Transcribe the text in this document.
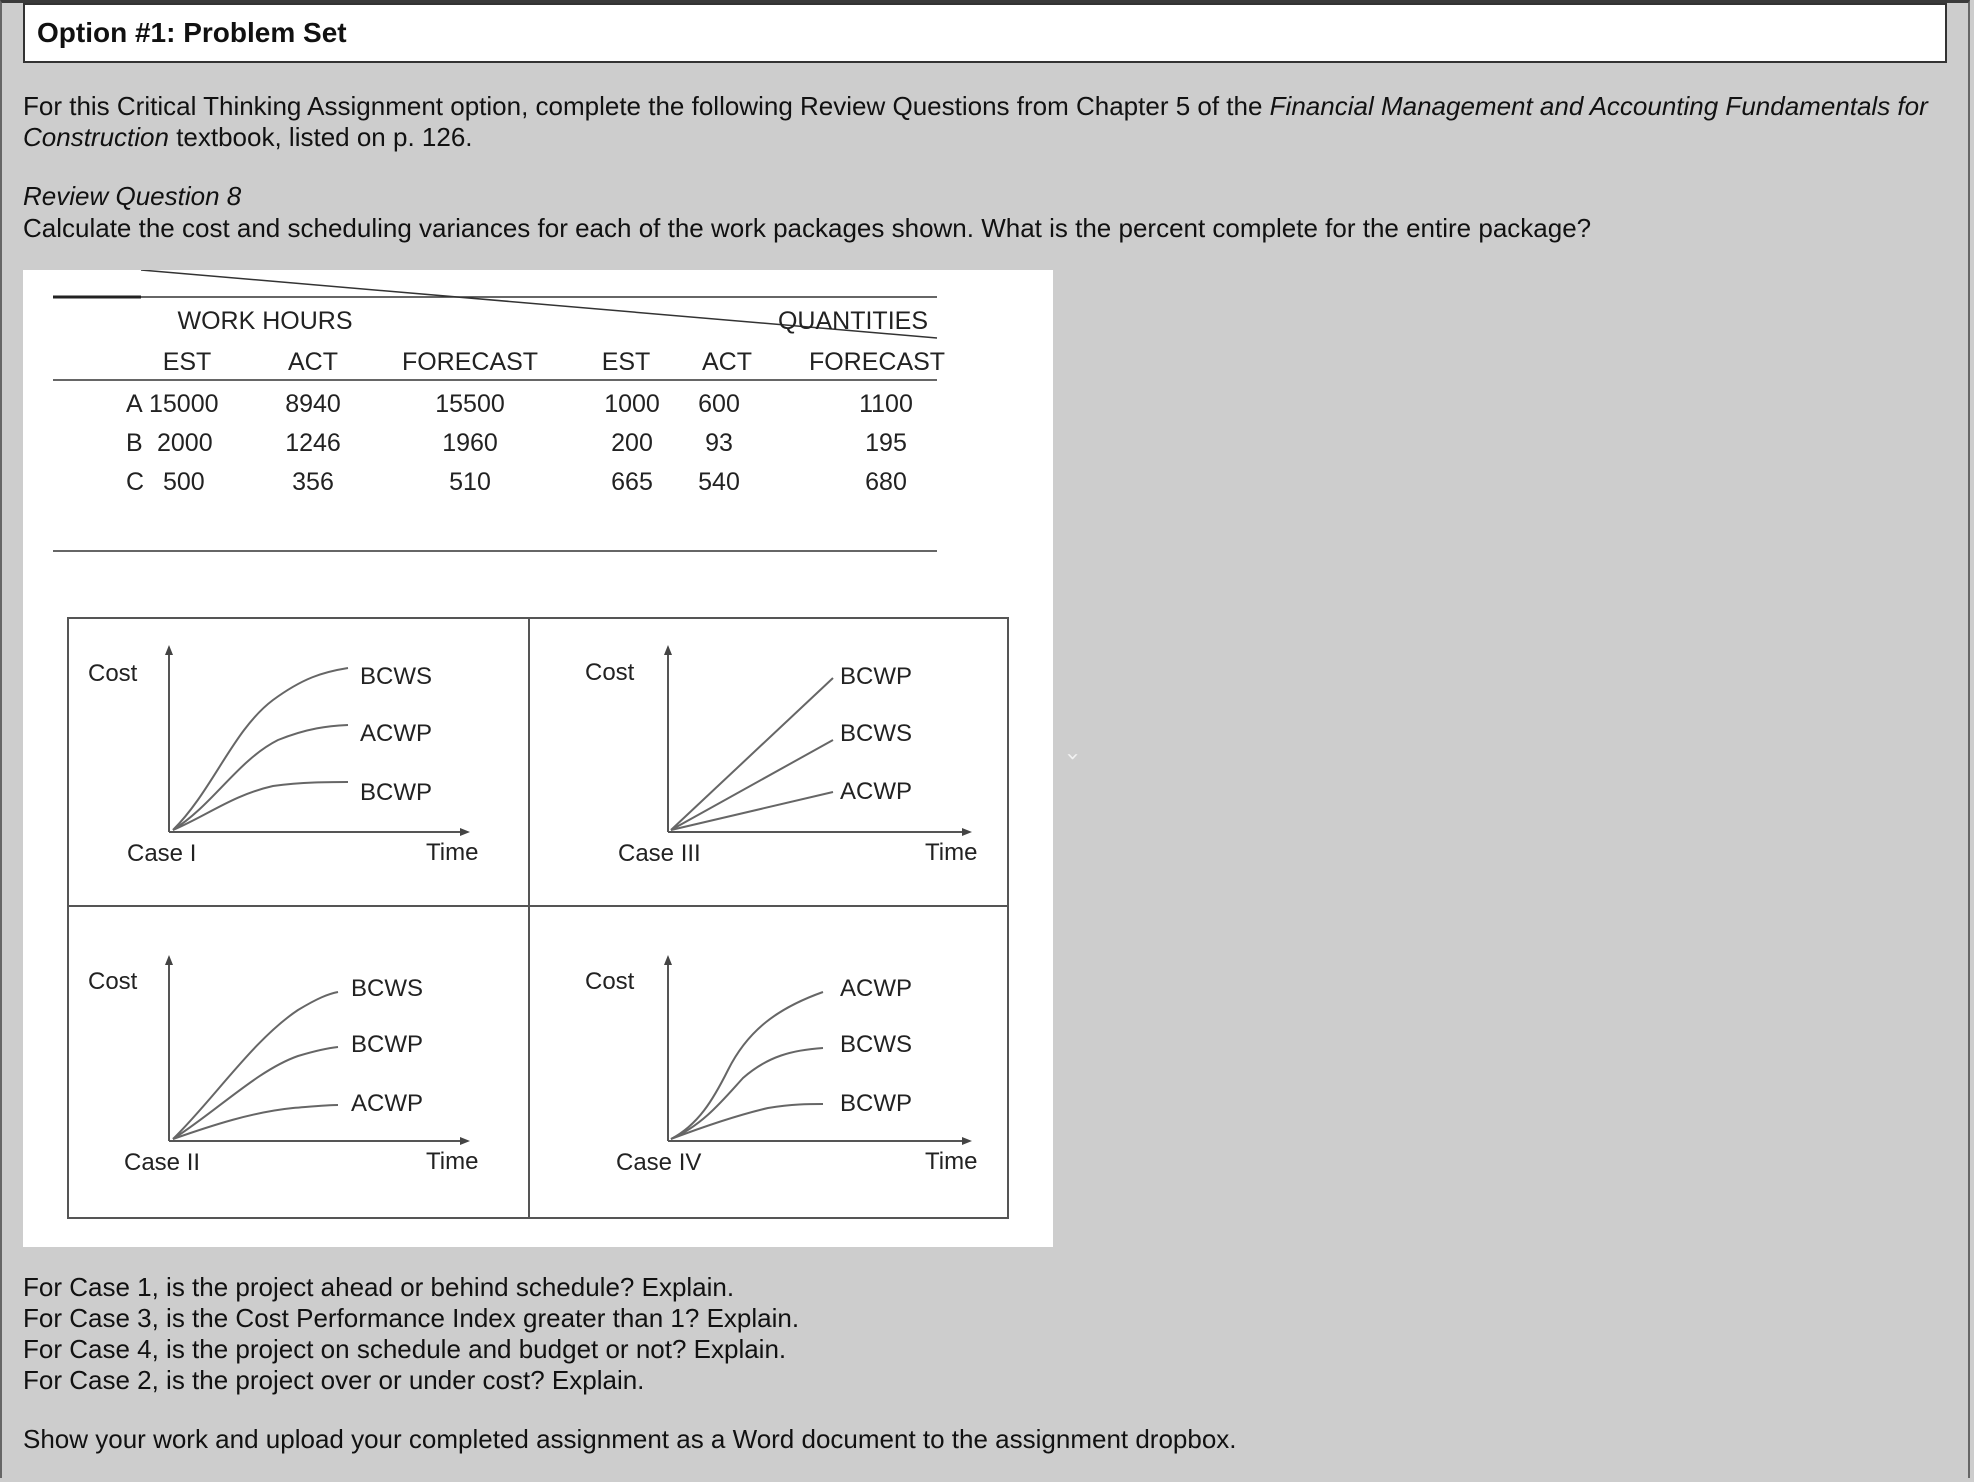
Option #1: Problem Set
For this Critical Thinking Assignment option, complete the following Review Questions from Chapter 5 of the Financial Management and Accounting Fundamentals for Construction textbook, listed on p. 126.
Review Question 8
Calculate the cost and scheduling variances for each of the work packages shown. What is the percent complete for the entire package?
WORK HOURS	QUANTITIES
EST	ACT	FORECAST	EST ACT FORECAST
A 15000	8940	15500	1000 600	1100
B 2000	1246	1960	200 93	195
C 500	356	510	665 540	680
Cost	BCWS
ACWP
BCWP
Case I	Time
Cost	BCWP
BCWS
ACWP
Case III	Time
Cost	BCWS
BCWP
ACWP
Case II	Time
Cost	ACWP
BCWS
BCWP
Case IV	Time
›
For Case 1, is the project ahead or behind schedule? Explain.
For Case 3, is the Cost Performance Index greater than 1? Explain.
For Case 4, is the project on schedule and budget or not? Explain.
For Case 2, is the project over or under cost? Explain.
Show your work and upload your completed assignment as a Word document to the assignment dropbox.
